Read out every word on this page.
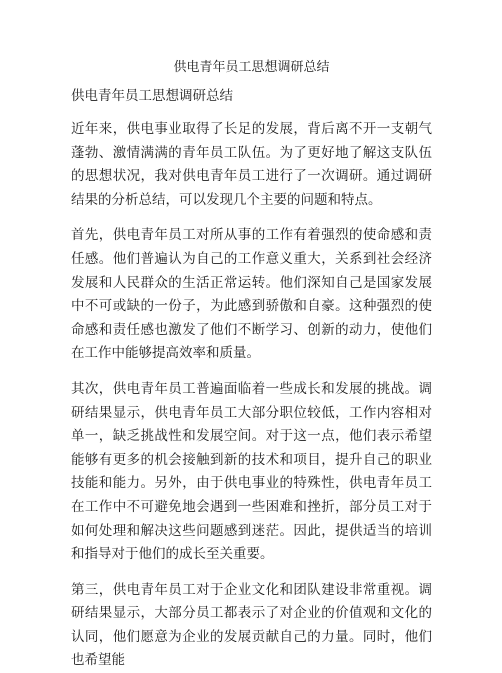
供电青年员工思想调研总结
供电青年员工思想调研总结

近年来，供电事业取得了长足的发展，背后离不开一支朝气蓬勃、激情满满的青年员工队伍。为了更好地了解这支队伍的思想状况，我对供电青年员工进行了一次调研。通过调研结果的分析总结，可以发现几个主要的问题和特点。

首先，供电青年员工对所从事的工作有着强烈的使命感和责任感。他们普遍认为自己的工作意义重大，关系到社会经济发展和人民群众的生活正常运转。他们深知自己是国家发展中不可或缺的一份子，为此感到骄傲和自豪。这种强烈的使命感和责任感也激发了他们不断学习、创新的动力，使他们在工作中能够提高效率和质量。

其次，供电青年员工普遍面临着一些成长和发展的挑战。调研结果显示，供电青年员工大部分职位较低，工作内容相对单一，缺乏挑战性和发展空间。对于这一点，他们表示希望能够有更多的机会接触到新的技术和项目，提升自己的职业技能和能力。另外，由于供电事业的特殊性，供电青年员工在工作中不可避免地会遇到一些困难和挫折，部分员工对于如何处理和解决这些问题感到迷茫。因此，提供适当的培训和指导对于他们的成长至关重要。

第三，供电青年员工对于企业文化和团队建设非常重视。调研结果显示，大部分员工都表示了对企业的价值观和文化的认同，他们愿意为企业的发展贡献自己的力量。同时，他们也希望能
